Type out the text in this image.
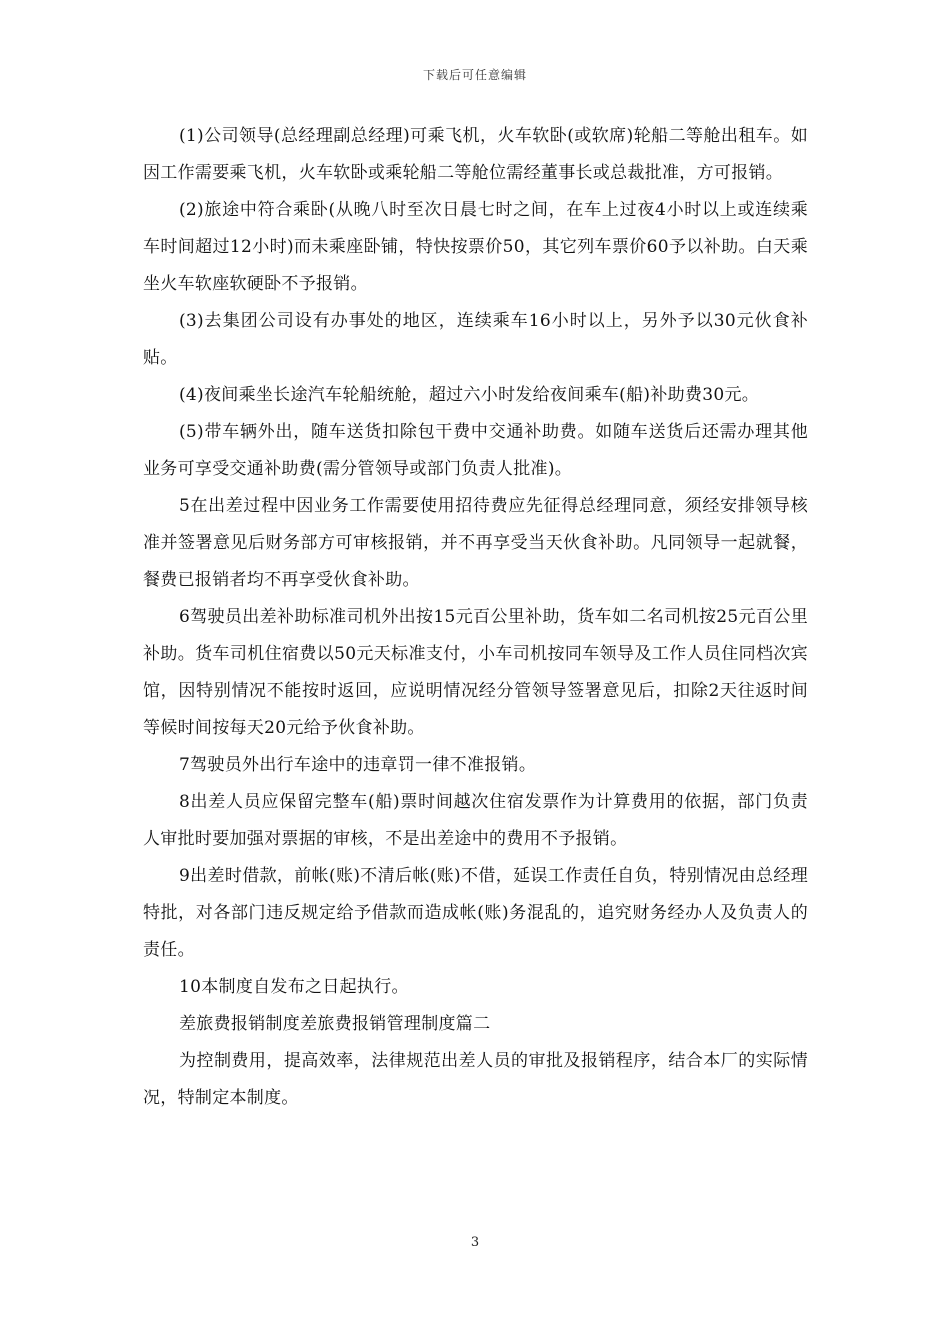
下载后可任意编辑

(1)公司领导(总经理副总经理)可乘飞机，火车软卧(或软席)轮船二等舱出租车。如因工作需要乘飞机，火车软卧或乘轮船二等舱位需经董事长或总裁批准，方可报销。

(2)旅途中符合乘卧(从晚八时至次日晨七时之间，在车上过夜4小时以上或连续乘车时间超过12小时)而未乘座卧铺，特快按票价50，其它列车票价60予以补助。白天乘坐火车软座软硬卧不予报销。

(3)去集团公司设有办事处的地区，连续乘车16小时以上，另外予以30元伙食补贴。

(4)夜间乘坐长途汽车轮船统舱，超过六小时发给夜间乘车(船)补助费30元。

(5)带车辆外出，随车送货扣除包干费中交通补助费。如随车送货后还需办理其他业务可享受交通补助费(需分管领导或部门负责人批准)。

5在出差过程中因业务工作需要使用招待费应先征得总经理同意，须经安排领导核准并签署意见后财务部方可审核报销，并不再享受当天伙食补助。凡同领导一起就餐，餐费已报销者均不再享受伙食补助。

6驾驶员出差补助标准司机外出按15元百公里补助，货车如二名司机按25元百公里补助。货车司机住宿费以50元天标准支付，小车司机按同车领导及工作人员住同档次宾馆，因特别情况不能按时返回，应说明情况经分管领导签署意见后，扣除2天往返时间等候时间按每天20元给予伙食补助。

7驾驶员外出行车途中的违章罚一律不准报销。

8出差人员应保留完整车(船)票时间越次住宿发票作为计算费用的依据，部门负责人审批时要加强对票据的审核，不是出差途中的费用不予报销。

9出差时借款，前帐(账)不清后帐(账)不借，延误工作责任自负，特别情况由总经理特批，对各部门违反规定给予借款而造成帐(账)务混乱的，追究财务经办人及负责人的责任。

10本制度自发布之日起执行。

差旅费报销制度差旅费报销管理制度篇二

为控制费用，提高效率，法律规范出差人员的审批及报销程序，结合本厂的实际情况，特制定本制度。

3
